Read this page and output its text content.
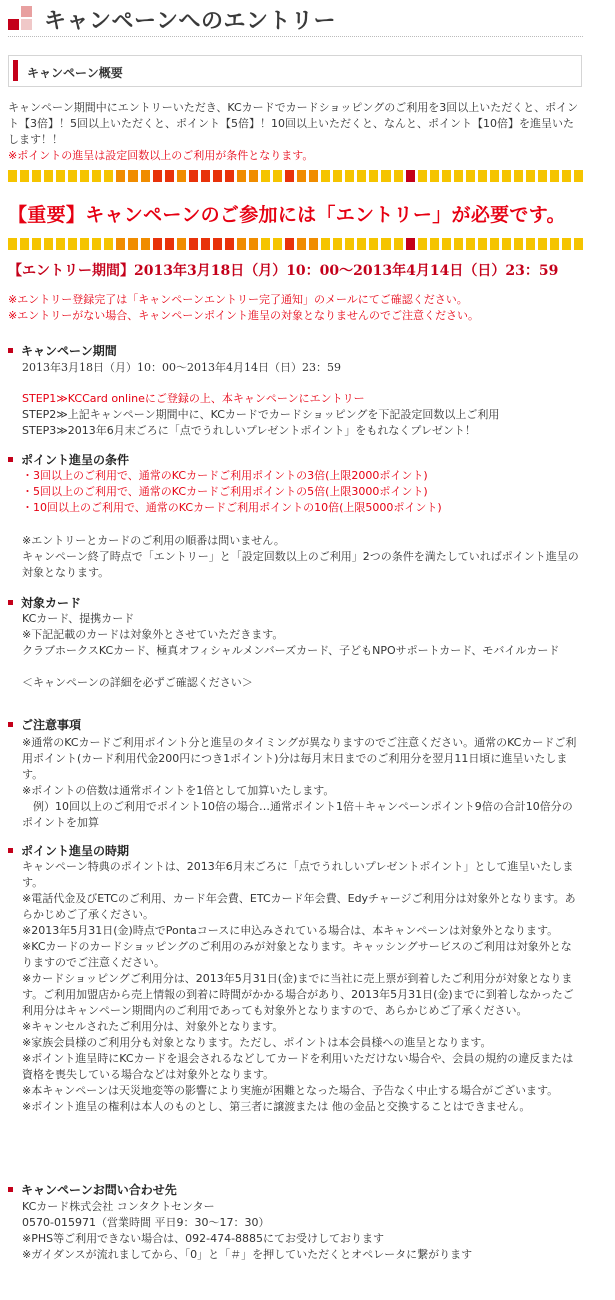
キャンペーンへのエントリー
キャンペーン概要
キャンペーン期間中にエントリーいただき、KCカードでカードショッピングのご利用を3回以上いただくと、ポイント【3倍】！5回以上いただくと、ポイント【5倍】！10回以上いただくと、なんと、ポイント【10倍】を進呈いたします！！
※ポイントの進呈は設定回数以上のご利用が条件となります。
【重要】キャンペーンのご参加には「エントリー」が必要です。
【エントリー期間】2013年3月18日（月）10：00〜2013年4月14日（日）23：59
※エントリー登録完了は「キャンペーンエントリー完了通知」のメールにてご確認ください。
※エントリーがない場合、キャンペーンポイント進呈の対象となりませんのでご注意ください。
キャンペーン期間
2013年3月18日（月）10：00〜2013年4月14日（日）23：59
STEP1≫KCCard onlineにご登録の上、本キャンペーンにエントリー
STEP2≫上記キャンペーン期間中に、KCカードでカードショッピングを下記設定回数以上ご利用
STEP3≫2013年6月末ごろに「点でうれしいプレゼントポイント」をもれなくプレゼント！
ポイント進呈の条件
・3回以上のご利用で、通常のKCカードご利用ポイントの3倍(上限2000ポイント)
・5回以上のご利用で、通常のKCカードご利用ポイントの5倍(上限3000ポイント)
・10回以上のご利用で、通常のKCカードご利用ポイントの10倍(上限5000ポイント)
※エントリーとカードのご利用の順番は問いません。
キャンペーン終了時点で「エントリー」と「設定回数以上のご利用」2つの条件を満たしていればポイント進呈の対象となります。
対象カード
KCカード、提携カード
※下記記載のカードは対象外とさせていただきます。
クラブホークスKCカード、極真オフィシャルメンバーズカード、子どもNPOサポートカード、モバイルカード
＜キャンペーンの詳細を必ずご確認ください＞
ご注意事項
※通常のKCカードご利用ポイント分と進呈のタイミングが異なりますのでご注意ください。通常のKCカードご利用ポイント(カード利用代金200円につき1ポイント)分は毎月末日までのご利用分を翌月11日頃に進呈いたします。
※ポイントの倍数は通常ポイントを1倍として加算いたします。
　例）10回以上のご利用でポイント10倍の場合…通常ポイント1倍＋キャンペーンポイント9倍の合計10倍分のポイントを加算
ポイント進呈の時期
キャンペーン特典のポイントは、2013年6月末ごろに「点でうれしいプレゼントポイント」として進呈いたします。
※電話代金及びETCのご利用、カード年会費、ETCカード年会費、Edyチャージご利用分は対象外となります。あらかじめご了承ください。
※2013年5月31日(金)時点でPontaコースに申込みされている場合は、本キャンペーンは対象外となります。
※KCカードのカードショッピングのご利用のみが対象となります。キャッシングサービスのご利用は対象外となりますのでご注意ください。
※カードショッピングご利用分は、2013年5月31日(金)までに当社に売上票が到着したご利用分が対象となります。ご利用加盟店から売上情報の到着に時間がかかる場合があり、2013年5月31日(金)までに到着しなかったご利用分はキャンペーン期間内のご利用であっても対象外となりますので、あらかじめご了承ください。
※キャンセルされたご利用分は、対象外となります。
※家族会員様のご利用分も対象となります。ただし、ポイントは本会員様への進呈となります。
※ポイント進呈時にKCカードを退会されるなどしてカードを利用いただけない場合や、会員の規約の違反または資格を喪失している場合などは対象外となります。
※本キャンペーンは天災地変等の影響により実施が困難となった場合、予告なく中止する場合がございます。
※ポイント進呈の権利は本人のものとし、第三者に譲渡または 他の金品と交換することはできません。
キャンペーンお問い合わせ先
KCカード株式会社 コンタクトセンター
0570-015971（営業時間 平日9：30〜17：30）
※PHS等ご利用できない場合は、092-474-8885にてお受けしております
※ガイダンスが流れましてから、「0」と「＃」を押していただくとオペレータに繋がります
